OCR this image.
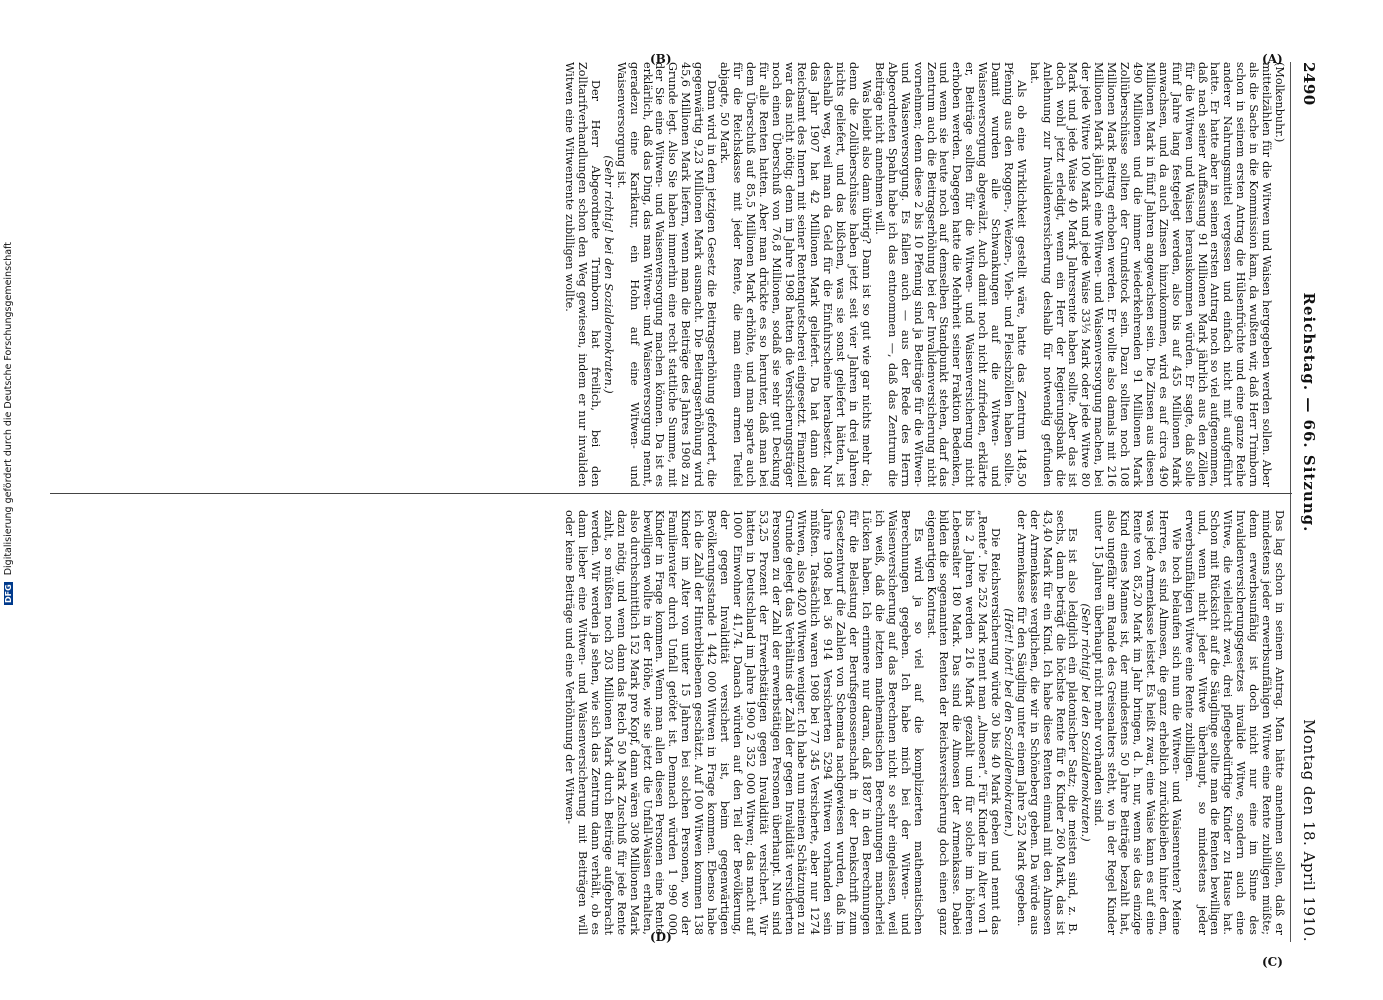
2490
Reichstag. — 66. Sitzung.
Montag den 18. April 1910.
(A)
(B)
(C)
(D)

(Molkenbuhr.)

mitteilzählen für die Witwen und Waisen hergegeben werden sollen. Aber als die Sache in die Kommission kam, da wußten wir, daß Herr Trimborn schon in seinem ersten Antrag die Hülsenfrüchte und eine ganze Reihe anderer Nahrungsmittel vergessen und einfach nicht mit aufgeführt hatte. Er hatte aber in seinen ersten Antrag noch so viel aufgenommen, daß nach seiner Auffassung 91 Millionen Mark jährlich aus den Zöllen für die Witwen und Waisen herauskommen würden. Er sagte, daß solle fünf Jahre lang festgelegt werden, also bis auf 455 Millionen Mark anwachsen, und da auch Zinsen hinzukommen, wird es auf circa 490 Millionen Mark in fünf Jahren angewachsen sein. Die Zinsen aus diesen 490 Millionen und die immer wiederkehrenden 91 Millionen Mark Zollüberschüsse sollten der Grundstock sein. Dazu sollten noch 108 Millionen Mark Beitrag erhoben werden. Er wollte also damals mit 216 Millionen Mark jährlich eine Witwen- und Waisenversorgung machen, bei der jede Witwe 100 Mark und jede Waise 33⅓ Mark oder jede Witwe 80 Mark und jede Waise 40 Mark Jahresrente haben sollte. Aber das ist doch wohl jetzt erledigt, wenn ein Herr der Regierungsbank die Anlehnung zur Invalidenversicherung deshalb für notwendig gefunden hat.

Als ob eine Wirklichkeit gestellt wäre, hatte das Zentrum 148,50 Pfennig aus den Roggen-, Weizen-, Vieh- und Fleischzöllen haben sollte. Damit wurden alle Schwankungen auf die Witwen- und Waisenversorgung abgewälzt. Auch damit noch nicht zufrieden, erklärte er, Beiträge sollten für die Witwen- und Waisenversicherung nicht erhoben werden. Dagegen hatte die Mehrheit seiner Fraktion Bedenken, und wenn sie heute noch auf demselben Standpunkt stehen, darf das Zentrum auch die Beitragserhöhung bei der Invalidenversicherung nicht vornehmen; denn diese 2 bis 10 Pfennig sind ja Beiträge für die Witwen- und Waisenversorgung. Es fallen auch — aus der Rede des Herrn Abgeordneten Spahn habe ich das entnommen —, daß das Zentrum die Beiträge nicht annehmen will.

Was bleibt also dann übrig? Dann ist so gut wie gar nichts mehr da; denn die Zollüberschüsse haben jetzt seit vier Jahren in drei Jahren nichts geliefert, und das bißchen, was sie sonst geliefert hätten, ist deshalb weg, weil man da Geld für die Einfuhrscheine herabsetzt. Nur das Jahr 1907 hat 42 Millionen Mark geliefert. Da hat dann das Reichsamt des Innern mit seiner Rentenquetscherei eingesetzt. Finanziell war das nicht nötig; denn im Jahre 1908 hatten die Versicherungsträger noch einen Überschuß von 76,8 Millionen, sodaß sie sehr gut Deckung für alle Renten hatten. Aber man drückte es so herunter, daß man bei dem Überschuß auf 85,5 Millionen Mark erhöhte, und man sparte auch für die Reichskasse mit jeder Rente, die man einem armen Teufel abjagte, 50 Mark.

Dann wird in dem jetzigen Gesetz die Beitragserhöhung gefordert, die gegenwärtig 9,23 Millionen Mark ausmacht. Die Beitragserhöhung wird 45,6 Millionen Mark liefern, wenn man die Beiträge des Jahres 1908 zu Grunde legt. Also Sie haben immerhin eine recht stattliche Summe, mit der Sie eine Witwen- und Waisenversorgung machen können. Da ist es erklärlich, daß das Ding, das man Witwen- und Waisenversorgung nennt, geradezu eine Karikatur, ein Hohn auf eine Witwen- und Waisenversorgung ist.

(Sehr richtig! bei den Sozialdemokraten.)

Der Herr Abgeordnete Trimborn hat freilich, bei den Zolltarifverhandlungen schon den Weg gewiesen, indem er nur invaliden Witwen eine Witwenrente zubilligen wollte.

Das lag schon in seinem Antrag. Man hätte annehmen sollen, daß er mindestens jeder erwerbsunfähigen Witwe eine Rente zubilligen müßte; denn erwerbsunfähig ist doch nicht nur eine im Sinne des Invalidenversicherungsgesetzes invalide Witwe, sondern auch eine Witwe, die vielleicht zwei, drei pflegebedürftige Kinder zu Hause hat. Schon mit Rücksicht auf die Säuglinge sollte man die Renten bewilligen und, wenn nicht jeder Witwe überhaupt, so mindestens jeder erwerbsunfähigen Witwe eine Rente zubilligen.

Wie hoch belaufen sich nun die Witwen- und Waisenrenten? Meine Herren, es sind Almosen, die ganz erheblich zurückbleiben hinter dem, was jede Armenkasse leistet. Es heißt zwar, eine Waise kann es auf eine Rente von 85,20 Mark im Jahr bringen, d. h. nur, wenn sie das einzige Kind eines Mannes ist, der mindestens 50 Jahre Beiträge bezahlt hat, also ungefähr am Rande des Greisenalters steht, wo in der Regel Kinder unter 15 Jahren überhaupt nicht mehr vorhanden sind.

(Sehr richtig! bei den Sozialdemokraten.)

Es ist also lediglich ein platonischer Satz; die meisten sind, z. B. sechs, dann beträgt die höchste Rente für 6 Kinder 260 Mark, das ist 43,40 Mark für ein Kind. Ich habe diese Renten einmal mit den Almosen der Armenkasse verglichen, die wir in Schöneberg geben. Da würde aus der Armenkasse für den Säugling unter einem Jahre 252 Mark gegeben.

(Hört! hört! bei den Sozialdemokraten.)

Die Reichsversicherung würde 30 bis 40 Mark geben und nennt das „Rente“. Die 252 Mark nennt man „Almosen“. Für Kinder im Alter von 1 bis 2 Jahren werden 216 Mark gezahlt und für solche im höheren Lebensalter 180 Mark. Das sind die Almosen der Armenkasse. Dabei bilden die sogenannten Renten der Reichsversicherung doch einen ganz eigenartigen Kontrast.

Es wird ja so viel auf die komplizierten mathematischen Berechnungen gegeben. Ich habe mich bei der Witwen- und Waisenversicherung auf das Berechnen nicht so sehr eingelassen, weil ich weiß, daß die letzten mathematischen Berechnungen mancherlei Lücken haben. Ich erinnere nur daran, daß 1887 in den Berechnungen für die Belastung der Berufsgenossenschaft in der Denkschrift zum Gesetzentwurf die Zahlen von Schemata nachgewiesen wurden, daß im Jahre 1908 bei 36 914 Versicherten 5294 Witwen vorhanden sein müßten. Tatsächlich waren 1908 bei 77 345 Versicherte, aber nur 1274 Witwen, also 4020 Witwen weniger. Ich habe nun meinen Schätzungen zu Grunde gelegt das Verhältnis der Zahl der gegen Invalidität versicherten Personen zu der Zahl der erwerbstätigen Personen überhaupt. Nun sind 53,25 Prozent der Erwerbstätigen gegen Invalidität versichert. Wir hatten in Deutschland im Jahre 1900 2 352 000 Witwen; das macht auf 1000 Einwohner 41,74. Danach würden auf den Teil der Bevölkerung, der gegen Invalidität versichert ist, beim gegenwärtigen Bevölkerungsstande 1 442 000 Witwen in Frage kommen. Ebenso habe ich die Zahl der Hinterbliebenen geschätzt. Auf 100 Witwen kommen 138 Kinder im Alter von unter 15 Jahren bei solchen Personen, wo der Familienvater durch Unfall getötet ist. Demnach würden 1 990 000 Kinder in Frage kommen. Wenn man allen diesen Personen eine Rente bewilligen wollte in der Höhe, wie sie jetzt die Unfall-Waisen erhalten, also durchschnittlich 152 Mark pro Kopf, dann wären 308 Millionen Mark dazu nötig, und wenn dann das Reich 50 Mark Zuschuß für jede Rente zahlt, so müßten noch 203 Millionen Mark durch Beiträge aufgebracht werden. Wir werden ja sehen, wie sich das Zentrum dann verhält, ob es dann lieber eine Witwen- und Waisenversicherung mit Beiträgen will oder keine Beiträge und eine Verhöhnung der Witwen-

DFG Digitalisierung gefördert durch die Deutsche Forschungsgemeinschaft
